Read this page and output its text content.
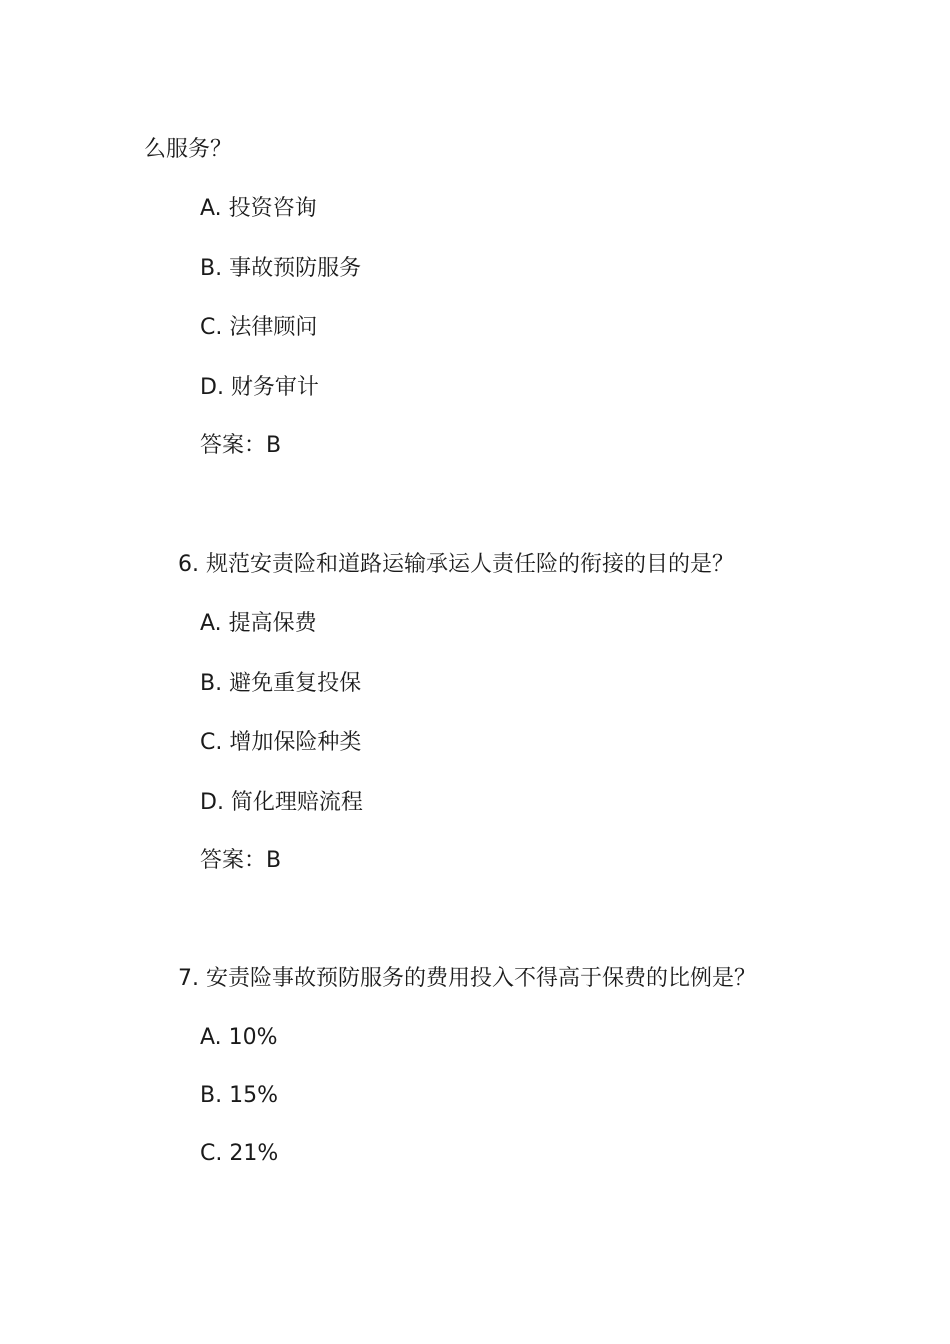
么服务？
A. 投资咨询
B. 事故预防服务
C. 法律顾问
D. 财务审计
答案：B
6. 规范安责险和道路运输承运人责任险的衔接的目的是？
A. 提高保费
B. 避免重复投保
C. 增加保险种类
D. 简化理赔流程
答案：B
7. 安责险事故预防服务的费用投入不得高于保费的比例是？
A. 10%
B. 15%
C. 21%
